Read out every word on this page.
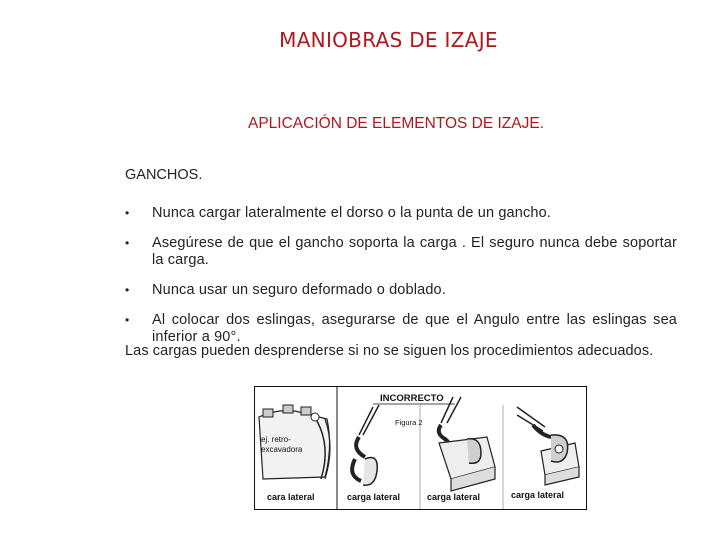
MANIOBRAS DE IZAJE
APLICACIÓN DE ELEMENTOS DE IZAJE.
GANCHOS.
• Nunca cargar lateralmente el dorso o la punta de un gancho.
• Asegúrese de que el gancho soporta la carga . El seguro nunca debe soportar la carga.
• Nunca usar un seguro deformado o doblado.
• Al colocar dos eslingas, asegurarse de que el Angulo entre las eslingas sea inferior a 90°.
Las cargas pueden desprenderse si no se siguen los procedimientos adecuados.
INCORRECTO
Figura 2
ej. retro-
excavadora
cara lateral	carga lateral	carga lateral	carga lateral
